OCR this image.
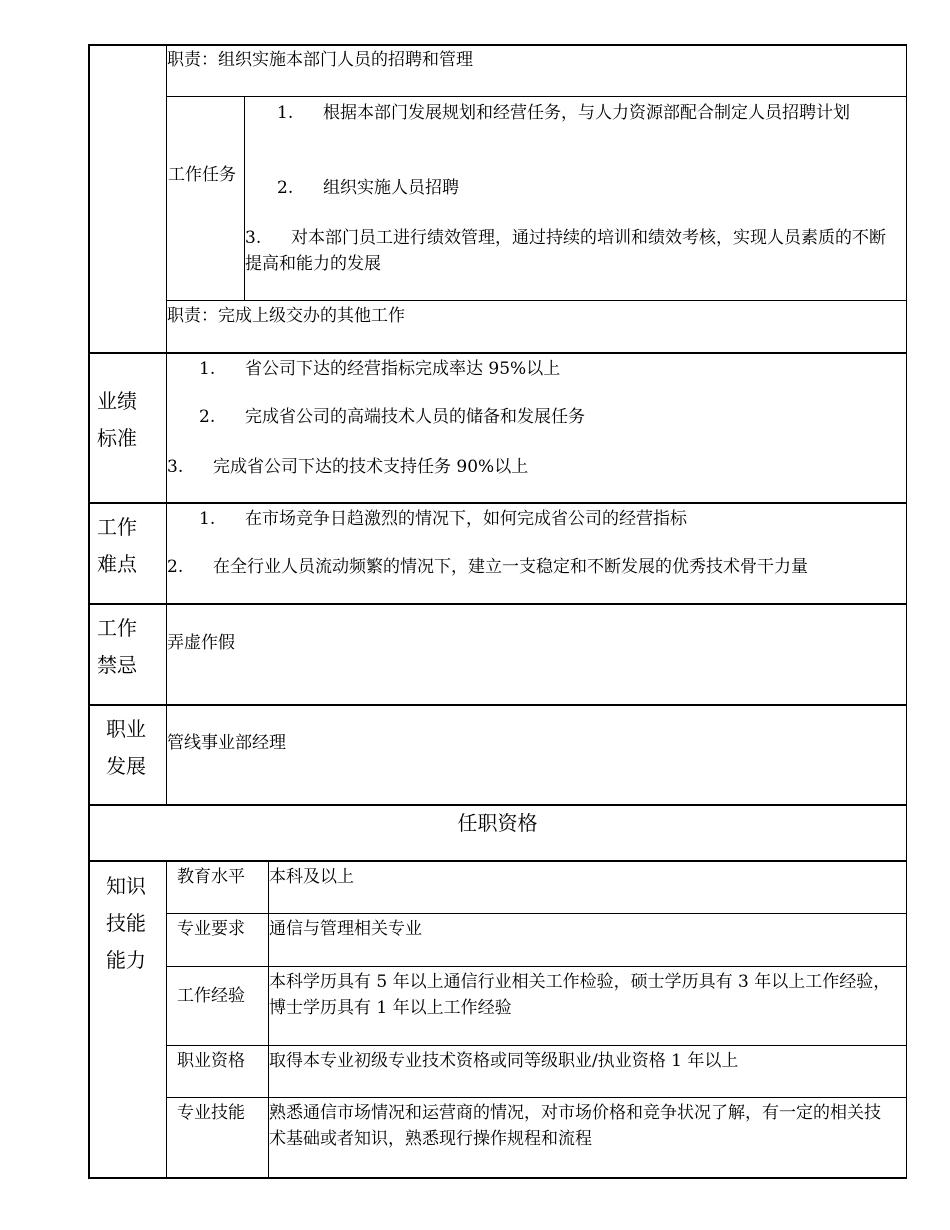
职责：组织实施本部门人员的招聘和管理
工作任务
1. 根据本部门发展规划和经营任务，与人力资源部配合制定人员招聘计划
2. 组织实施人员招聘
3. 对本部门员工进行绩效管理，通过持续的培训和绩效考核，实现人员素质的不断提高和能力的发展
职责：完成上级交办的其他工作
业绩
标准
1. 省公司下达的经营指标完成率达 95%以上
2. 完成省公司的高端技术人员的储备和发展任务
3. 完成省公司下达的技术支持任务 90%以上
工作
难点
1. 在市场竞争日趋激烈的情况下，如何完成省公司的经营指标
2. 在全行业人员流动频繁的情况下，建立一支稳定和不断发展的优秀技术骨干力量
工作
禁忌
弄虚作假
职业
发展
管线事业部经理
任职资格
知识
技能
能力
教育水平 本科及以上
专业要求 通信与管理相关专业
工作经验
本科学历具有 5 年以上通信行业相关工作检验，硕士学历具有 3 年以上工作经验，博士学历具有 1 年以上工作经验
职业资格 取得本专业初级专业技术资格或同等级职业/执业资格 1 年以上
专业技能 熟悉通信市场情况和运营商的情况，对市场价格和竞争状况了解，有一定的相关技术基础或者知识，熟悉现行操作规程和流程
